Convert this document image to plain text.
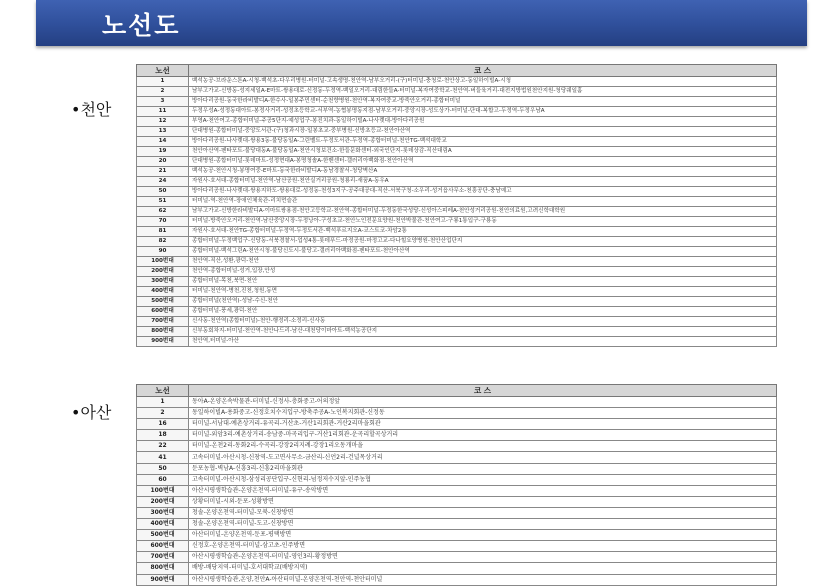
노선도
•천안
•아산
노선	코 스
1	백석농공-브라운스톤A-시청-백석초-다우리병원-터미널-고속생명-천안역-남부오거리-(구)터미널-충청로-천안상고-동일하이빌A-시청
2	남부고가교-신방동-성지세일A-E마트-쌍용대로-신정동-두정역-백일오거리-대림한들A-터미널-복자여중학교-천안역-버들육거리-대전지방법원천안지원-청당쉐일홈
3	방아다리공원-동국한라비발디A-한수사-일봉주민센터-순천향병원-천안역-복자여중교-방죽안오거리-종합터미널
11	두정우성A-성정동대아트-봉정사거리-성정초등학교-서부역-농협봉명동지점-남부오거리-중앙시장-성도상가-터미널-단대-복합고-두정역-두정우남A
12	부영A-천안여고-종합터미널-주공5단지-예성업구-봉진치과-동일하이빌A-나사렛대-방아다리공원
13	단대병원-종합터미널-중앙도서관-(구)청과시장-일봉초교-중부병원-신방초등교-천안아산역
14	방아다리공원-나사렛대-쌍용3동-불당동일A-그린벨트-두정도서관-두정역-종합터미널-천안TG-백석대학교
19	천안아산역-펜타포트-불당대동A-불당동일A-천안시청보건소-한들문화센터-외국인단지-롯데상감-직산대림A
20	단대병원-종합터미널-롯데마트-성정현대A-봉명청솔A-한벤센터-갤러리아백화점-천안아산역
21	백석농공-천안시청-봉명여중-E마트-동국한라비발디A-동남경찰서-청당벽산A
24	자원사-호서대-종합터미널-천안역-남산공원-천안실거리공원-청룡리-새꿈A-동우A
50	방아다리공원-나사렛대-쌍용지하도-쌍용대로-성정동-천성3지구-공주대공대-직산-서북구청-소우리-성거읍사무소-천흥공단-충남예고
51	터미널-역-천안역-장애인체육관-리치먼슬관
62	남부고가교-신방한라비발디A-이마트쌍용점-천안고등학교-천안역-종합터미널-두정동한국성당-신성아스피레A-천안성거리공원-천안의료원,고려신학대학원
70	터미널-방죽안오거리-천안역-남산중앙시장-두정낭아-구성초교-천안노인전문요양원-천안박물관-천안여고-구룡1통입구-구룡동
81	자원사-호서대-천안TG-종합터미널-두정역-두정도서관-백석푸르지오A-코스트코-차암2통
82	종합터미널-두정백업구-신당동-서북경찰서-업성4통-롯데푸드-마정공원-마정고교-다나힐요양병원-천안산업단지
90	종합터미널-백석그린A-천안시청-불당신도시-불당고-갤러리아백화점-펜타포트-천안아산역
100번대	천안역-직산,성환,광덕-천안
200번대	천안역-종합터미널-성거,입장,안성
300번대	종합터미널-목천,북면-천안
400번대	터미널-천안역-병천,진천,청원,동면
500번대	종합터미널(천안역)-성남-수신-천안
600번대	종합터미널-풍세,광덕-천안
700번대	신사동-천안역(종합터미널)-천안-행정리-소정리-신사동
800번대	신부동회차지-터미널-천안역-천안나드리-남산-대천당이마아트-백석농공단지
900번대	천안역,터미널-아산
노선	코 스
1	동아A-온양온속박물관-터미널-신정사-충화중고-어의정앞
2	동일하이빌A-용화중고-신정호치수지입구-방축주공A-노인복지회관-신정동
16	터미널-서남대-예촌상거리-유곡리-거산초-거산1리회관-거산2리마을회관
18	터미널-외암3리-예촌상거리-송남중-마곡리입구-거산1리회관-운곡리할곡상거리
22	터미널-온천2리-동화2리-수곡리-강장2리지례-강장1리오동개마을
41	고속터미널-아산시청-신창역-도고면사무소-금산리-신언2리-건널목상거리
50	둔포농협-벽남A-신흥3리-신흥2리마을회관
60	고속터미널-아산시청-삼성리공단입구-신현리-넘정저수지앞-인주농협
100번대	아산시평생학습관-온양온천역-터미널-유구-송악방면
200번대	상황터미널-시외-둔포-성황방면
300번대	청솔-온양온천역-터미널-모북-신창방면
400번대	청솔-온양온천역-터미널-도고-신창방면
500번대	아산터미널-온양온천역-둔포-평택방면
600번대	신정호-온양온천역-터미널-삼고초-인주방면
700번대	아산시평생학습관-온양온천역-터미널-영인3리-황정방면
800번대	배방-배당지역-터미널-호서대학교(배방지역)
900번대	아산시평생학습관,온양,천안A-아산터미널-온양온천역-천안역-천안터미널
